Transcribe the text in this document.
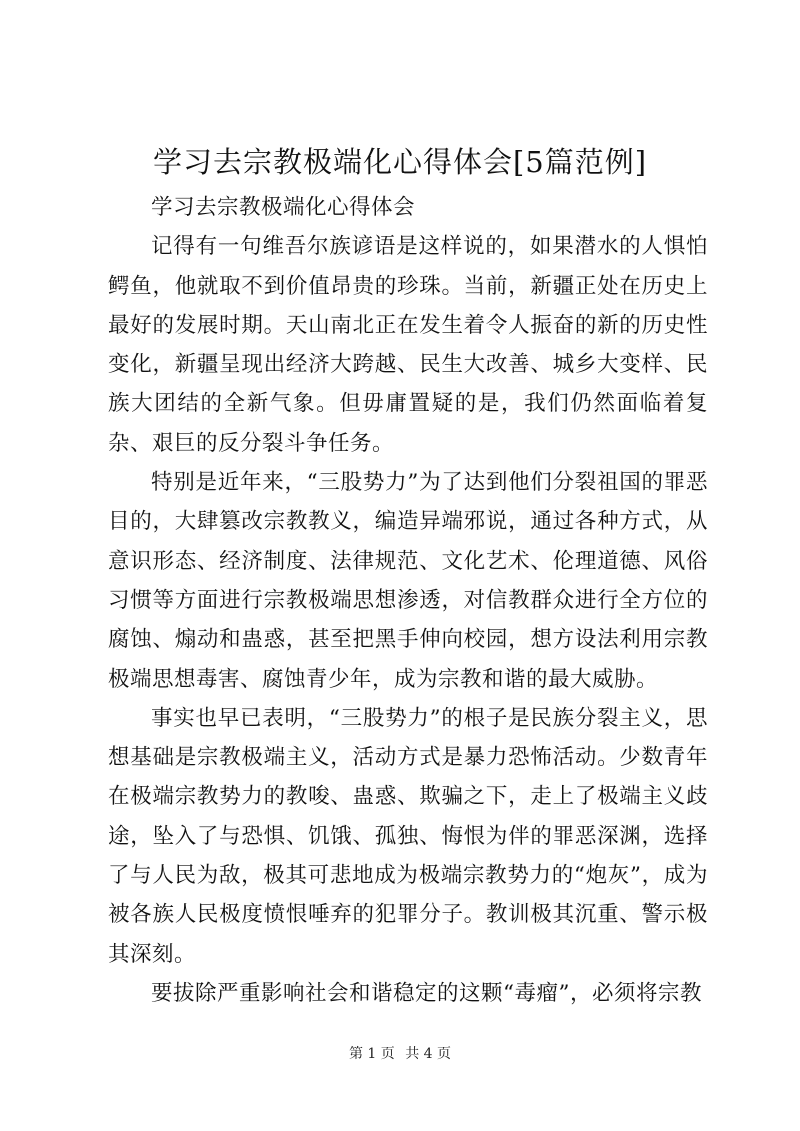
学习去宗教极端化心得体会[5篇范例]

学习去宗教极端化心得体会

记得有一句维吾尔族谚语是这样说的，如果潜水的人惧怕鳄鱼，他就取不到价值昂贵的珍珠。当前，新疆正处在历史上最好的发展时期。天山南北正在发生着令人振奋的新的历史性变化，新疆呈现出经济大跨越、民生大改善、城乡大变样、民族大团结的全新气象。但毋庸置疑的是，我们仍然面临着复杂、艰巨的反分裂斗争任务。

特别是近年来，“三股势力”为了达到他们分裂祖国的罪恶目的，大肆篡改宗教教义，编造异端邪说，通过各种方式，从意识形态、经济制度、法律规范、文化艺术、伦理道德、风俗习惯等方面进行宗教极端思想渗透，对信教群众进行全方位的腐蚀、煽动和蛊惑，甚至把黑手伸向校园，想方设法利用宗教极端思想毒害、腐蚀青少年，成为宗教和谐的最大威胁。

事实也早已表明，“三股势力”的根子是民族分裂主义，思想基础是宗教极端主义，活动方式是暴力恐怖活动。少数青年在极端宗教势力的教唆、蛊惑、欺骗之下，走上了极端主义歧途，坠入了与恐惧、饥饿、孤独、悔恨为伴的罪恶深渊，选择了与人民为敌，极其可悲地成为极端宗教势力的“炮灰”，成为被各族人民极度愤恨唾弃的犯罪分子。教训极其沉重、警示极其深刻。

要拔除严重影响社会和谐稳定的这颗“毒瘤”，必须将宗教

第 1 页 共 4 页
